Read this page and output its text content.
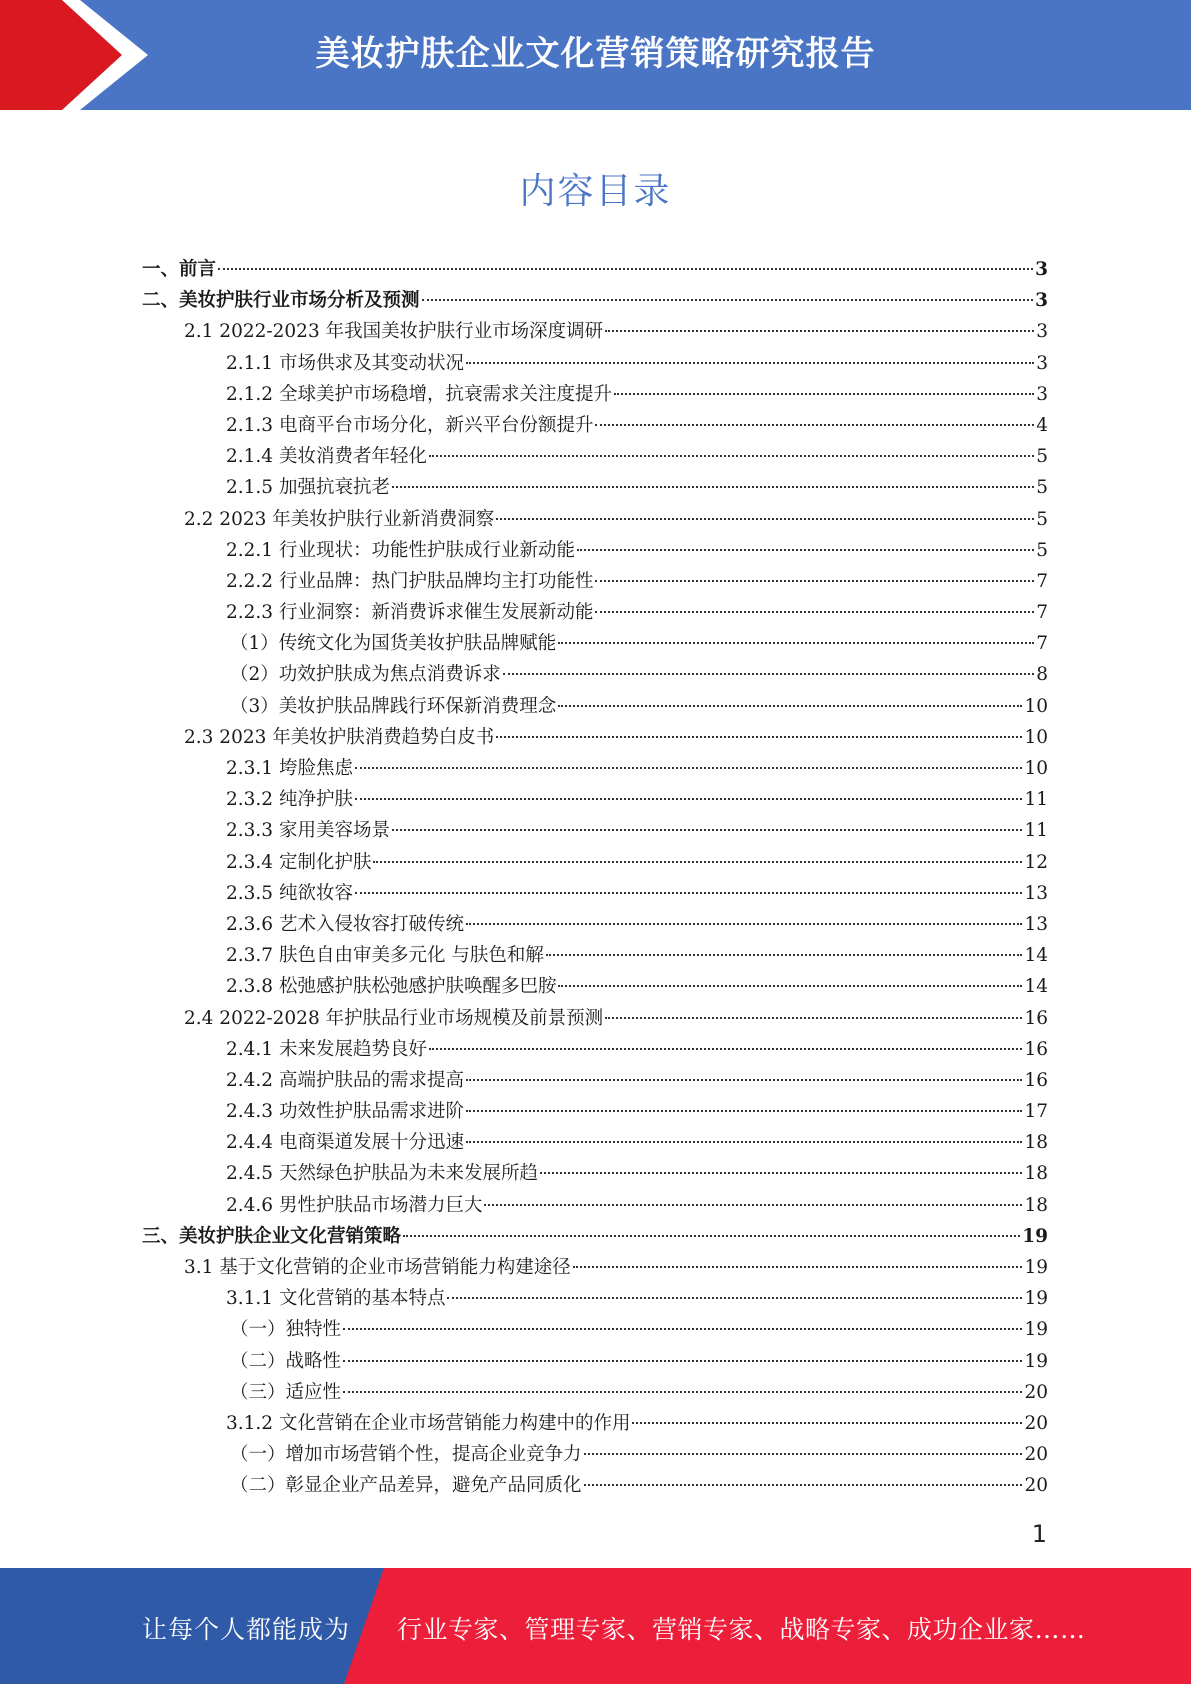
美妆护肤企业文化营销策略研究报告
内容目录
一、前言	3
二、美妆护肤行业市场分析及预测	3
2.1 2022-2023 年我国美妆护肤行业市场深度调研	3
2.1.1 市场供求及其变动状况	3
2.1.2 全球美护市场稳增，抗衰需求关注度提升	3
2.1.3 电商平台市场分化，新兴平台份额提升	4
2.1.4 美妆消费者年轻化	5
2.1.5 加强抗衰抗老	5
2.2 2023 年美妆护肤行业新消费洞察	5
2.2.1 行业现状：功能性护肤成行业新动能	5
2.2.2 行业品牌：热门护肤品牌均主打功能性	7
2.2.3 行业洞察：新消费诉求催生发展新动能	7
（1）传统文化为国货美妆护肤品牌赋能	7
（2）功效护肤成为焦点消费诉求	8
（3）美妆护肤品牌践行环保新消费理念	10
2.3 2023 年美妆护肤消费趋势白皮书	10
2.3.1 垮脸焦虑	10
2.3.2 纯净护肤	11
2.3.3 家用美容场景	11
2.3.4 定制化护肤	12
2.3.5 纯欲妆容	13
2.3.6 艺术入侵妆容打破传统	13
2.3.7 肤色自由审美多元化 与肤色和解	14
2.3.8 松弛感护肤松弛感护肤唤醒多巴胺	14
2.4 2022-2028 年护肤品行业市场规模及前景预测	16
2.4.1 未来发展趋势良好	16
2.4.2 高端护肤品的需求提高	16
2.4.3 功效性护肤品需求进阶	17
2.4.4 电商渠道发展十分迅速	18
2.4.5 天然绿色护肤品为未来发展所趋	18
2.4.6 男性护肤品市场潜力巨大	18
三、美妆护肤企业文化营销策略	19
3.1 基于文化营销的企业市场营销能力构建途径	19
3.1.1 文化营销的基本特点	19
（一）独特性	19
（二）战略性	19
（三）适应性	20
3.1.2 文化营销在企业市场营销能力构建中的作用	20
（一）增加市场营销个性，提高企业竞争力	20
（二）彰显企业产品差异，避免产品同质化	20
1
让每个人都能成为 行业专家、管理专家、营销专家、战略专家、成功企业家……
